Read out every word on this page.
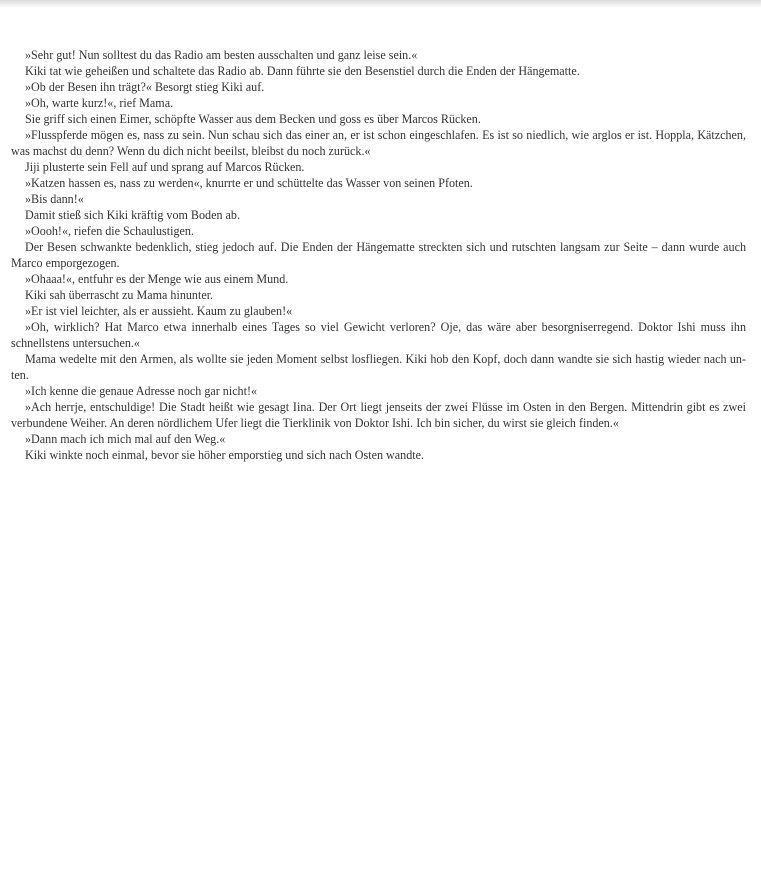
»Sehr gut! Nun solltest du das Radio am besten ausschalten und ganz leise sein.«

Kiki tat wie geheißen und schaltete das Radio ab. Dann führte sie den Besenstiel durch die Enden der Hängematte.

»Ob der Besen ihn trägt?« Besorgt stieg Kiki auf.

»Oh, warte kurz!«, rief Mama.

Sie griff sich einen Eimer, schöpfte Wasser aus dem Becken und goss es über Marcos Rücken.

»Flusspferde mögen es, nass zu sein. Nun schau sich das einer an, er ist schon eingeschlafen. Es ist so niedlich, wie arglos er ist. Hoppla, Kätzchen, was machst du denn? Wenn du dich nicht beeilst, bleibst du noch zurück.«

Jiji plusterte sein Fell auf und sprang auf Marcos Rücken.

»Katzen hassen es, nass zu werden«, knurrte er und schüttelte das Wasser von seinen Pfoten.

»Bis dann!«

Damit stieß sich Kiki kräftig vom Boden ab.

»Oooh!«, riefen die Schaulustigen.

Der Besen schwankte bedenklich, stieg jedoch auf. Die Enden der Hängematte streckten sich und rutschten langsam zur Seite – dann wurde auch Marco emporgezogen.

»Ohaaa!«, entfuhr es der Menge wie aus einem Mund.

Kiki sah überrascht zu Mama hinunter.

»Er ist viel leichter, als er aussieht. Kaum zu glauben!«

»Oh, wirklich? Hat Marco etwa innerhalb eines Tages so viel Gewicht verloren? Oje, das wäre aber besorgniserregend. Doktor Ishi muss ihn schnellstens untersuchen.«

Mama wedelte mit den Armen, als wollte sie jeden Moment selbst losfliegen. Kiki hob den Kopf, doch dann wandte sie sich hastig wieder nach unten.

»Ich kenne die genaue Adresse noch gar nicht!«

»Ach herrje, entschuldige! Die Stadt heißt wie gesagt Iina. Der Ort liegt jenseits der zwei Flüsse im Osten in den Bergen. Mittendrin gibt es zwei verbundene Weiher. An deren nördlichem Ufer liegt die Tierklinik von Doktor Ishi. Ich bin sicher, du wirst sie gleich finden.«

»Dann mach ich mich mal auf den Weg.«

Kiki winkte noch einmal, bevor sie höher emporstieg und sich nach Osten wandte.
